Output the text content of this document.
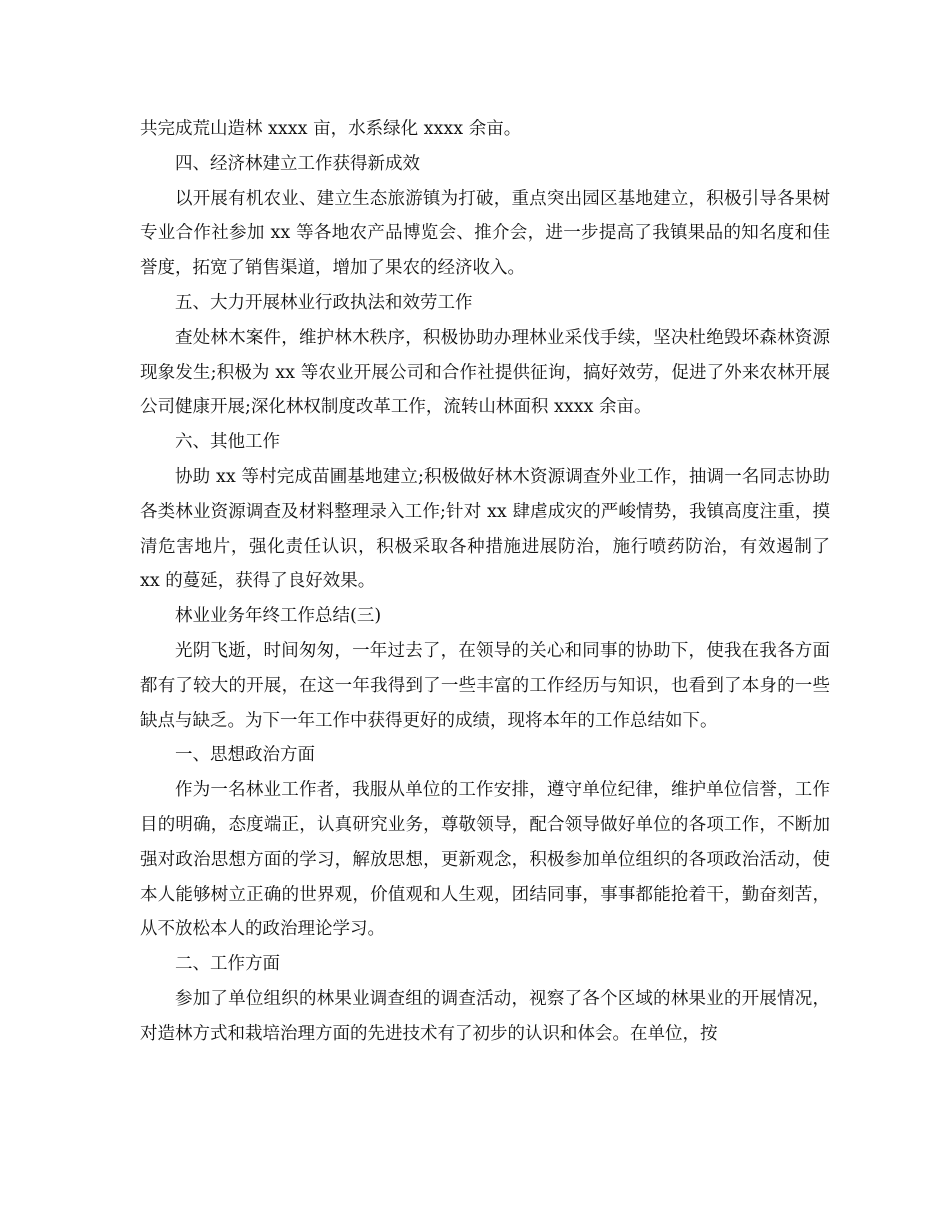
共完成荒山造林 xxxx 亩，水系绿化 xxxx 余亩。

四、经济林建立工作获得新成效

以开展有机农业、建立生态旅游镇为打破，重点突出园区基地建立，积极引导各果树专业合作社参加 xx 等各地农产品博览会、推介会，进一步提高了我镇果品的知名度和佳誉度，拓宽了销售渠道，增加了果农的经济收入。

五、大力开展林业行政执法和效劳工作

查处林木案件，维护林木秩序，积极协助办理林业采伐手续，坚决杜绝毁坏森林资源现象发生;积极为 xx 等农业开展公司和合作社提供征询，搞好效劳，促进了外来农林开展公司健康开展;深化林权制度改革工作，流转山林面积 xxxx 余亩。

六、其他工作

协助 xx 等村完成苗圃基地建立;积极做好林木资源调查外业工作，抽调一名同志协助各类林业资源调查及材料整理录入工作;针对 xx 肆虐成灾的严峻情势，我镇高度注重，摸清危害地片，强化责任认识，积极采取各种措施进展防治，施行喷药防治，有效遏制了 xx 的蔓延，获得了良好效果。

林业业务年终工作总结(三)

光阴飞逝，时间匆匆，一年过去了，在领导的关心和同事的协助下，使我在我各方面都有了较大的开展，在这一年我得到了一些丰富的工作经历与知识，也看到了本身的一些缺点与缺乏。为下一年工作中获得更好的成绩，现将本年的工作总结如下。

一、思想政治方面

作为一名林业工作者，我服从单位的工作安排，遵守单位纪律，维护单位信誉，工作目的明确，态度端正，认真研究业务，尊敬领导，配合领导做好单位的各项工作，不断加强对政治思想方面的学习，解放思想，更新观念，积极参加单位组织的各项政治活动，使本人能够树立正确的世界观，价值观和人生观，团结同事，事事都能抢着干，勤奋刻苦，从不放松本人的政治理论学习。

二、工作方面

参加了单位组织的林果业调查组的调查活动，视察了各个区域的林果业的开展情况，对造林方式和栽培治理方面的先进技术有了初步的认识和体会。在单位，按
